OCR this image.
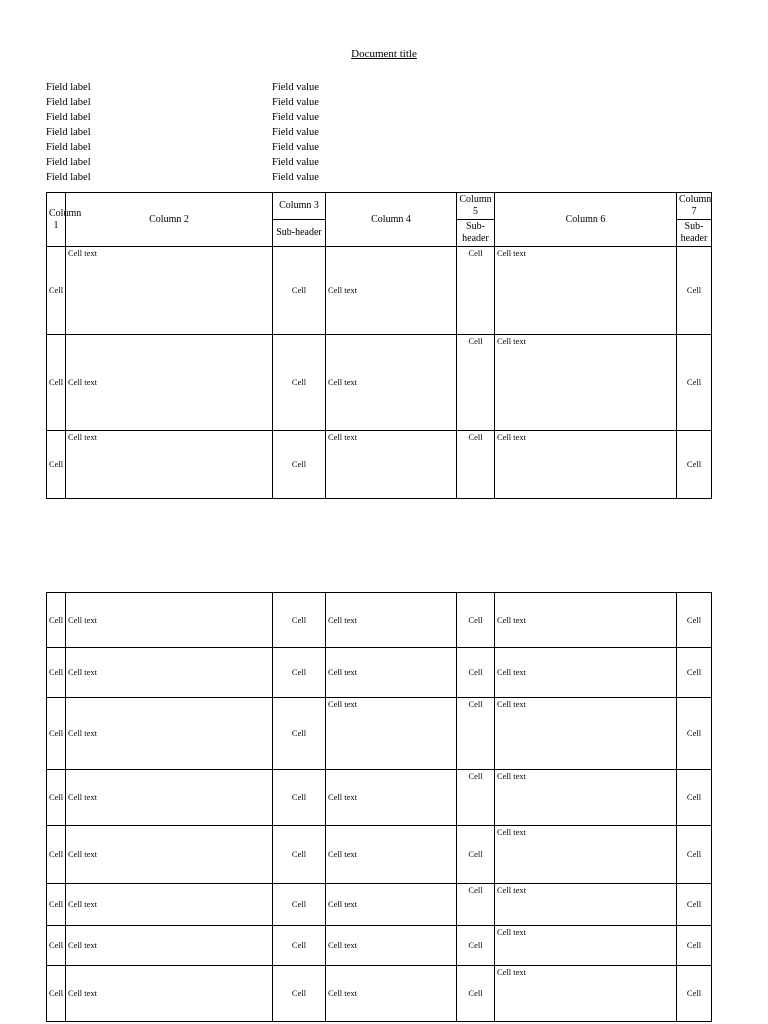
Document title
Field label	Field value
Field label	Field value
Field label	Field value
Field label	Field value
Field label	Field value
Field label	Field value
Field label	Field value
Column 1	Column 2	Column 3	Column 4	Column 5	Column 6	Column 7
		Sub-header		Sub-header		Sub-header
Cell	Cell text	Cell	Cell text	Cell	Cell text	Cell
Cell	Cell text	Cell	Cell text	Cell	Cell text	Cell
Cell	Cell text	Cell	Cell text	Cell	Cell text	Cell
Cell	Cell text	Cell	Cell text	Cell	Cell text	Cell
Cell	Cell text	Cell	Cell text	Cell	Cell text	Cell
Cell	Cell text	Cell	Cell text	Cell	Cell text	Cell
Cell	Cell text	Cell	Cell text	Cell	Cell text	Cell
Cell	Cell text	Cell	Cell text	Cell	Cell text	Cell
Cell	Cell text	Cell	Cell text	Cell	Cell text	Cell
Cell	Cell text	Cell	Cell text	Cell	Cell text	Cell
Cell	Cell text	Cell	Cell text	Cell	Cell text	Cell
